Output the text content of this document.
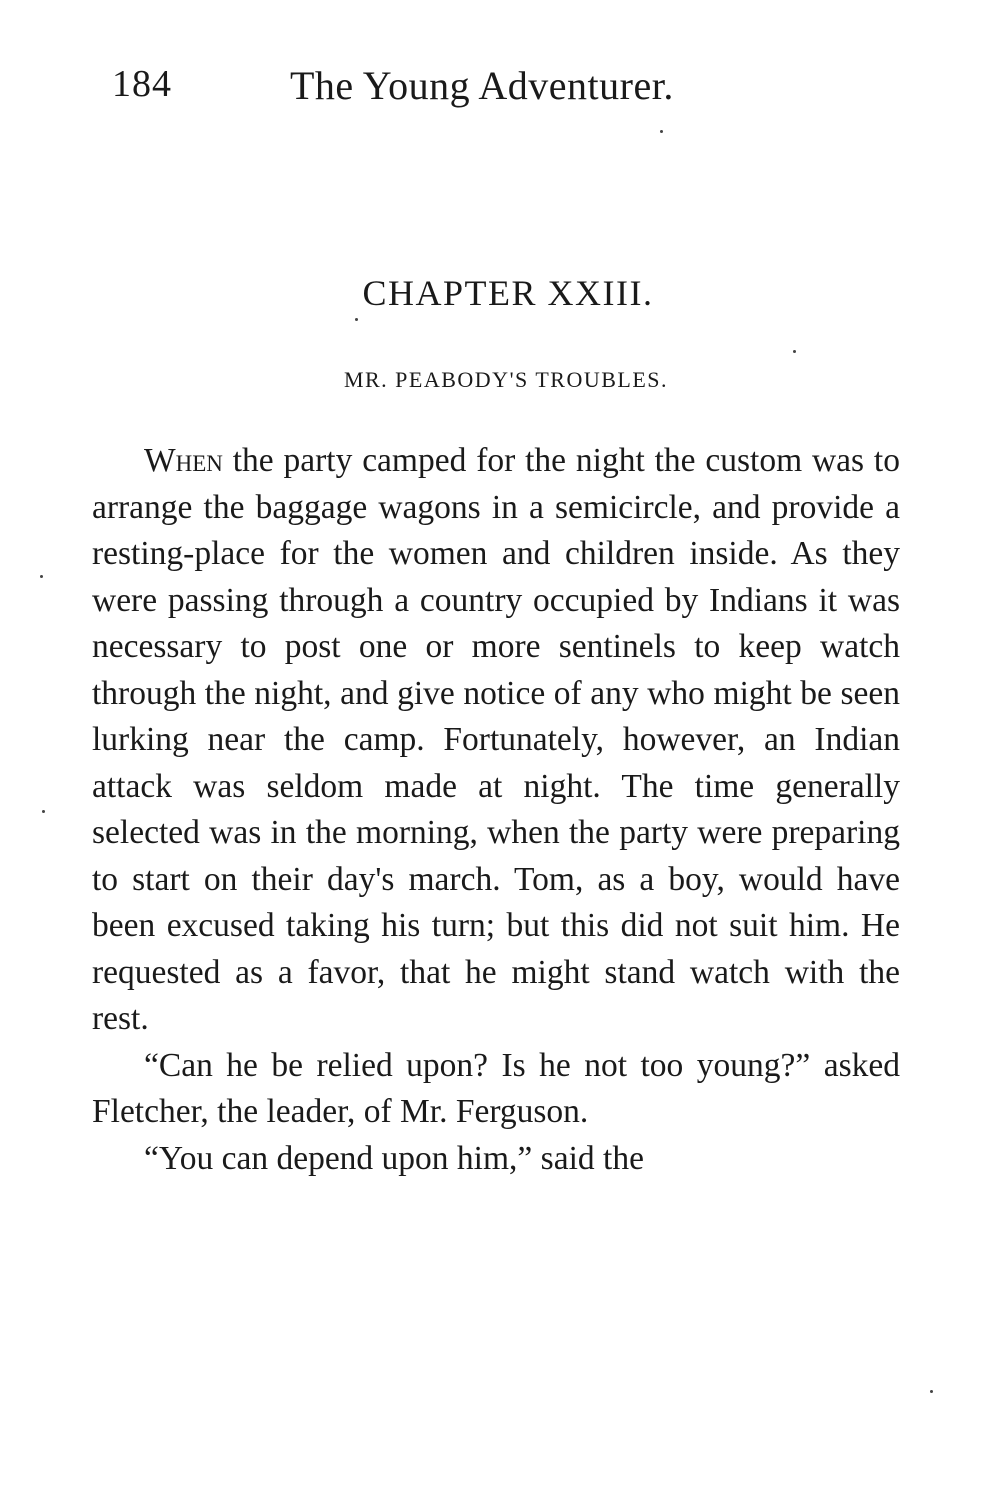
184	The Young Adventurer.
CHAPTER XXIII.
MR. PEABODY'S TROUBLES.

When the party camped for the night the custom was to arrange the baggage wagons in a semicircle, and provide a resting-place for the women and children inside. As they were passing through a country occupied by Indians it was necessary to post one or more sentinels to keep watch through the night, and give notice of any who might be seen lurking near the camp. Fortunately, however, an Indian attack was seldom made at night. The time generally selected was in the morning, when the party were preparing to start on their day's march. Tom, as a boy, would have been excused taking his turn; but this did not suit him. He requested as a favor, that he might stand watch with the rest.

“Can he be relied upon? Is he not too young?” asked Fletcher, the leader, of Mr. Ferguson.

“You can depend upon him,” said the
